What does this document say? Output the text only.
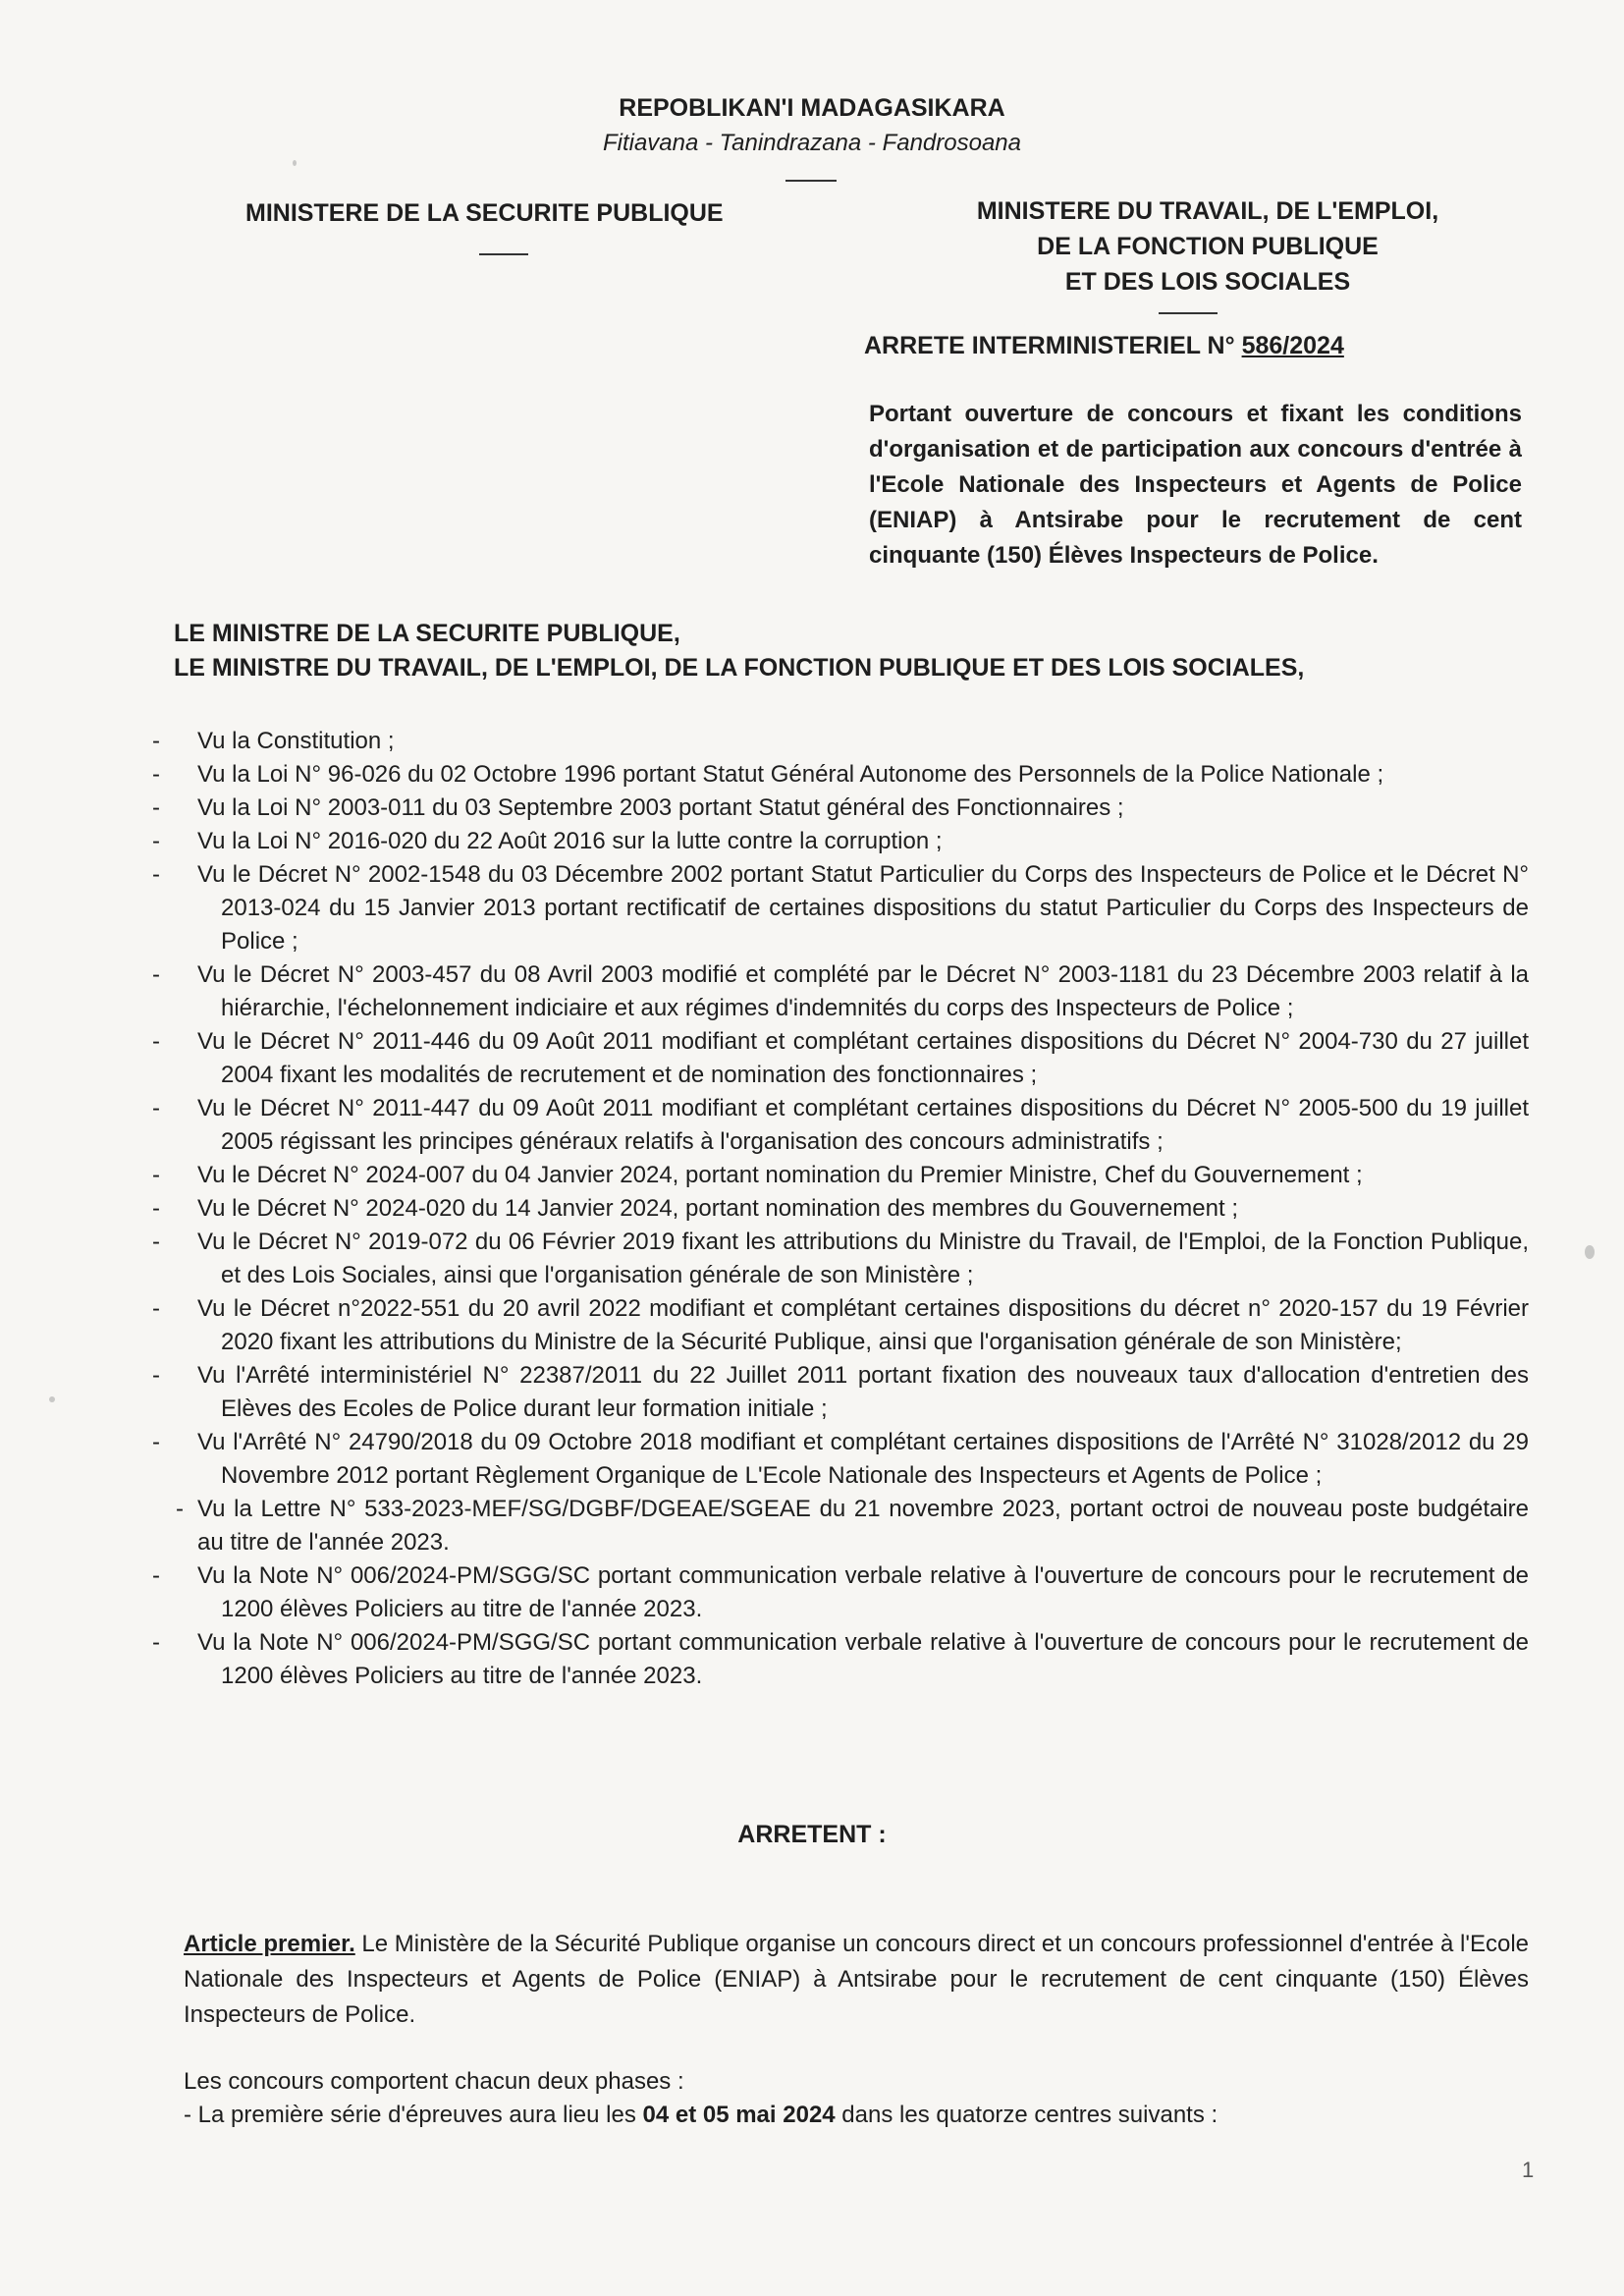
REPOBLIKAN'I MADAGASIKARA
Fitiavana - Tanindrazana - Fandrosoana
MINISTERE DE LA SECURITE PUBLIQUE	MINISTERE DU TRAVAIL, DE L'EMPLOI,
DE LA FONCTION PUBLIQUE
ET DES LOIS SOCIALES
ARRETE INTERMINISTERIEL N° 586/2024
Portant ouverture de concours et fixant les conditions d'organisation et de participation aux concours d'entrée à l'Ecole Nationale des Inspecteurs et Agents de Police (ENIAP) à Antsirabe pour le recrutement de cent cinquante (150) Élèves Inspecteurs de Police.
LE MINISTRE DE LA SECURITE PUBLIQUE,
LE MINISTRE DU TRAVAIL, DE L'EMPLOI, DE LA FONCTION PUBLIQUE ET DES LOIS SOCIALES,
- Vu la Constitution ;
- Vu la Loi N° 96-026 du 02 Octobre 1996 portant Statut Général Autonome des Personnels de la Police Nationale ;
- Vu la Loi N° 2003-011 du 03 Septembre 2003 portant Statut général des Fonctionnaires ;
- Vu la Loi N° 2016-020 du 22 Août 2016 sur la lutte contre la corruption ;
- Vu le Décret N° 2002-1548 du 03 Décembre 2002 portant Statut Particulier du Corps des Inspecteurs de Police et le Décret N° 2013-024 du 15 Janvier 2013 portant rectificatif de certaines dispositions du statut Particulier du Corps des Inspecteurs de Police ;
- Vu le Décret N° 2003-457 du 08 Avril 2003 modifié et complété par le Décret N° 2003-1181 du 23 Décembre 2003 relatif à la hiérarchie, l'échelonnement indiciaire et aux régimes d'indemnités du corps des Inspecteurs de Police ;
- Vu le Décret N° 2011-446 du 09 Août 2011 modifiant et complétant certaines dispositions du Décret N° 2004-730 du 27 juillet 2004 fixant les modalités de recrutement et de nomination des fonctionnaires ;
- Vu le Décret N° 2011-447 du 09 Août 2011 modifiant et complétant certaines dispositions du Décret N° 2005-500 du 19 juillet 2005 régissant les principes généraux relatifs à l'organisation des concours administratifs ;
- Vu le Décret N° 2024-007 du 04 Janvier 2024, portant nomination du Premier Ministre, Chef du Gouvernement ;
- Vu le Décret N° 2024-020 du 14 Janvier 2024, portant nomination des membres du Gouvernement ;
- Vu le Décret N° 2019-072 du 06 Février 2019 fixant les attributions du Ministre du Travail, de l'Emploi, de la Fonction Publique, et des Lois Sociales, ainsi que l'organisation générale de son Ministère ;
- Vu le Décret n°2022-551 du 20 avril 2022 modifiant et complétant certaines dispositions du décret n° 2020-157 du 19 Février 2020 fixant les attributions du Ministre de la Sécurité Publique, ainsi que l'organisation générale de son Ministère;
- Vu l'Arrêté interministériel N° 22387/2011 du 22 Juillet 2011 portant fixation des nouveaux taux d'allocation d'entretien des Elèves des Ecoles de Police durant leur formation initiale ;
- Vu l'Arrêté N° 24790/2018 du 09 Octobre 2018 modifiant et complétant certaines dispositions de l'Arrêté N° 31028/2012 du 29 Novembre 2012 portant Règlement Organique de L'Ecole Nationale des Inspecteurs et Agents de Police ;
- Vu la Lettre N° 533-2023-MEF/SG/DGBF/DGEAE/SGEAE du 21 novembre 2023, portant octroi de nouveau poste budgétaire au titre de l'année 2023.
- Vu la Note N° 006/2024-PM/SGG/SC portant communication verbale relative à l'ouverture de concours pour le recrutement de 1200 élèves Policiers au titre de l'année 2023.
- Vu la Note N° 006/2024-PM/SGG/SC portant communication verbale relative à l'ouverture de concours pour le recrutement de 1200 élèves Policiers au titre de l'année 2023.
ARRETENT :
Article premier. Le Ministère de la Sécurité Publique organise un concours direct et un concours professionnel d'entrée à l'Ecole Nationale des Inspecteurs et Agents de Police (ENIAP) à Antsirabe pour le recrutement de cent cinquante (150) Élèves Inspecteurs de Police.
Les concours comportent chacun deux phases :
- La première série d'épreuves aura lieu les 04 et 05 mai 2024 dans les quatorze centres suivants :
1
